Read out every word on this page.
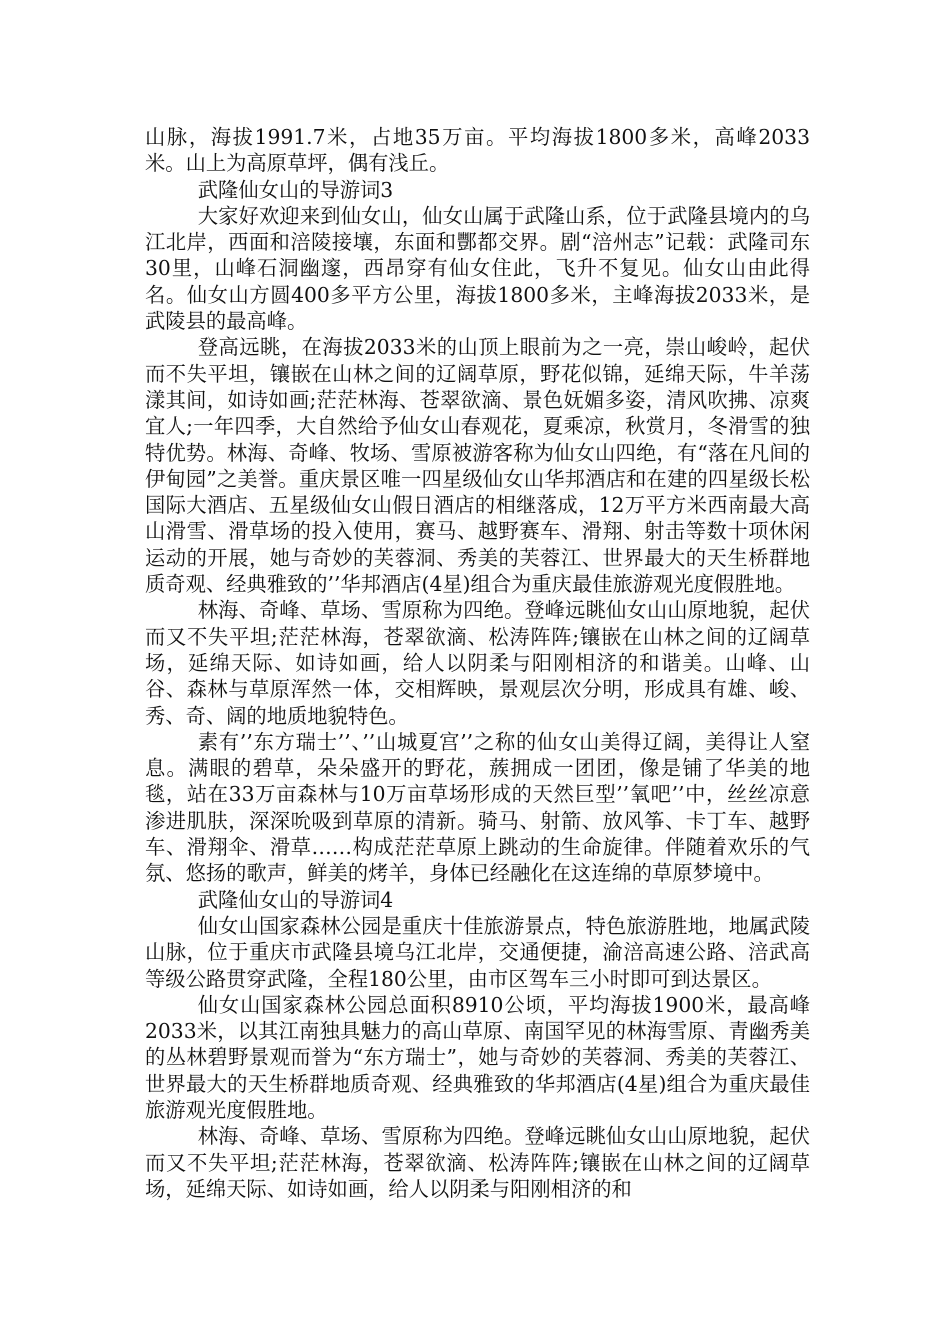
山脉，海拔1991.7米，占地35万亩。平均海拔1800多米，高峰2033米。山上为高原草坪，偶有浅丘。

武隆仙女山的导游词3

大家好欢迎来到仙女山，仙女山属于武隆山系，位于武隆县境内的乌江北岸，西面和涪陵接壤，东面和酆都交界。剧“涪州志”记载：武隆司东30里，山峰石洞幽邃，西昂穿有仙女住此，飞升不复见。仙女山由此得名。仙女山方圆400多平方公里，海拔1800多米，主峰海拔2033米，是武陵县的最高峰。

登高远眺，在海拔2033米的山顶上眼前为之一亮，崇山峻岭，起伏而不失平坦，镶嵌在山林之间的辽阔草原，野花似锦，延绵天际，牛羊荡漾其间，如诗如画;茫茫林海、苍翠欲滴、景色妩媚多姿，清风吹拂、凉爽宜人;一年四季，大自然给予仙女山春观花，夏乘凉，秋赏月，冬滑雪的独特优势。林海、奇峰、牧场、雪原被游客称为仙女山四绝，有“落在凡间的伊甸园”之美誉。重庆景区唯一四星级仙女山华邦酒店和在建的四星级长松国际大酒店、五星级仙女山假日酒店的相继落成，12万平方米西南最大高山滑雪、滑草场的投入使用，赛马、越野赛车、滑翔、射击等数十项休闲运动的开展，她与奇妙的芙蓉洞、秀美的芙蓉江、世界最大的天生桥群地质奇观、经典雅致的’’华邦酒店(4星)组合为重庆最佳旅游观光度假胜地。

林海、奇峰、草场、雪原称为四绝。登峰远眺仙女山山原地貌，起伏而又不失平坦;茫茫林海，苍翠欲滴、松涛阵阵;镶嵌在山林之间的辽阔草场，延绵天际、如诗如画，给人以阴柔与阳刚相济的和谐美。山峰、山谷、森林与草原浑然一体，交相辉映，景观层次分明，形成具有雄、峻、秀、奇、阔的地质地貌特色。

素有’’东方瑞士’’、’’山城夏宫’’之称的仙女山美得辽阔，美得让人窒息。满眼的碧草，朵朵盛开的野花，蔟拥成一团团，像是铺了华美的地毯，站在33万亩森林与10万亩草场形成的天然巨型’’氧吧’’中，丝丝凉意渗进肌肤，深深吮吸到草原的清新。骑马、射箭、放风筝、卡丁车、越野车、滑翔伞、滑草……构成茫茫草原上跳动的生命旋律。伴随着欢乐的气氛、悠扬的歌声，鲜美的烤羊，身体已经融化在这连绵的草原梦境中。

武隆仙女山的导游词4

仙女山国家森林公园是重庆十佳旅游景点，特色旅游胜地，地属武陵山脉，位于重庆市武隆县境乌江北岸，交通便捷，渝涪高速公路、涪武高等级公路贯穿武隆，全程180公里，由市区驾车三小时即可到达景区。

仙女山国家森林公园总面积8910公顷，平均海拔1900米，最高峰2033米，以其江南独具魅力的高山草原、南国罕见的林海雪原、青幽秀美的丛林碧野景观而誉为“东方瑞士”，她与奇妙的芙蓉洞、秀美的芙蓉江、世界最大的天生桥群地质奇观、经典雅致的华邦酒店(4星)组合为重庆最佳旅游观光度假胜地。

林海、奇峰、草场、雪原称为四绝。登峰远眺仙女山山原地貌，起伏而又不失平坦;茫茫林海，苍翠欲滴、松涛阵阵;镶嵌在山林之间的辽阔草场，延绵天际、如诗如画，给人以阴柔与阳刚相济的和
